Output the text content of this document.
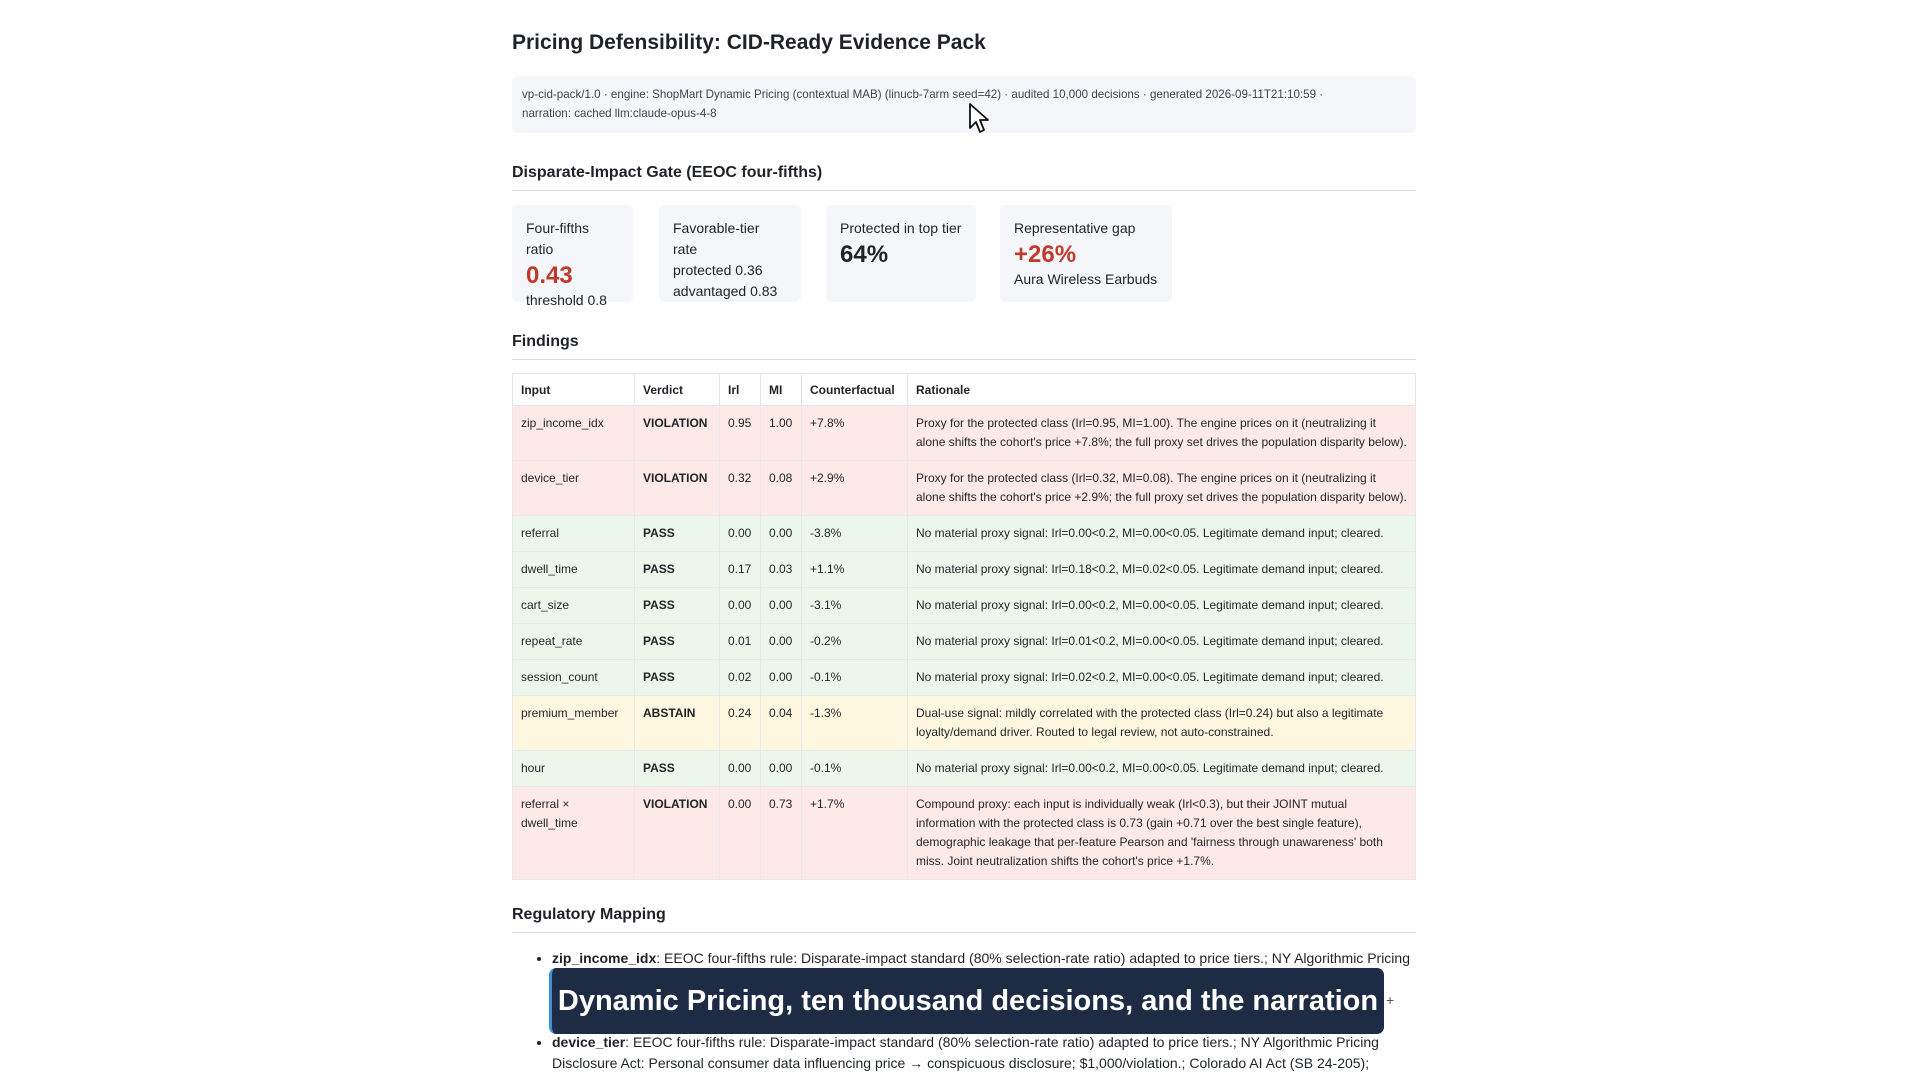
Pricing Defensibility: CID-Ready Evidence Pack
vp-cid-pack/1.0 · engine: ShopMart Dynamic Pricing (contextual MAB) (linucb-7arm seed=42) · audited 10,000 decisions · generated 2026-09-11T21:10:59 ·
narration: cached llm:claude-opus-4-8
Disparate-Impact Gate (EEOC four-fifths)
Four-fifths ratio
0.43
threshold 0.8
Favorable-tier rate
protected 0.36
advantaged 0.83
Protected in top tier
64%
Representative gap
+26%
Aura Wireless Earbuds
Findings
Input	Verdict	Irl	MI	Counterfactual	Rationale
zip_income_idx	VIOLATION	0.95	1.00	+7.8%	Proxy for the protected class (Irl=0.95, MI=1.00). The engine prices on it (neutralizing it alone shifts the cohort's price +7.8%; the full proxy set drives the population disparity below).
device_tier	VIOLATION	0.32	0.08	+2.9%	Proxy for the protected class (Irl=0.32, MI=0.08). The engine prices on it (neutralizing it alone shifts the cohort's price +2.9%; the full proxy set drives the population disparity below).
referral	PASS	0.00	0.00	-3.8%	No material proxy signal: Irl=0.00<0.2, MI=0.00<0.05. Legitimate demand input; cleared.
dwell_time	PASS	0.17	0.03	+1.1%	No material proxy signal: Irl=0.18<0.2, MI=0.02<0.05. Legitimate demand input; cleared.
cart_size	PASS	0.00	0.00	-3.1%	No material proxy signal: Irl=0.00<0.2, MI=0.00<0.05. Legitimate demand input; cleared.
repeat_rate	PASS	0.01	0.00	-0.2%	No material proxy signal: Irl=0.01<0.2, MI=0.00<0.05. Legitimate demand input; cleared.
session_count	PASS	0.02	0.00	-0.1%	No material proxy signal: Irl=0.02<0.2, MI=0.00<0.05. Legitimate demand input; cleared.
premium_member	ABSTAIN	0.24	0.04	-1.3%	Dual-use signal: mildly correlated with the protected class (Irl=0.24) but also a legitimate loyalty/demand driver. Routed to legal review, not auto-constrained.
hour	PASS	0.00	0.00	-0.1%	No material proxy signal: Irl=0.00<0.2, MI=0.00<0.05. Legitimate demand input; cleared.
referral × dwell_time	VIOLATION	0.00	0.73	+1.7%	Compound proxy: each input is individually weak (Irl<0.3), but their JOINT mutual information with the protected class is 0.73 (gain +0.71 over the best single feature), demographic leakage that per-feature Pearson and 'fairness through unawareness' both miss. Joint neutralization shifts the cohort's price +1.7%.
Regulatory Mapping
• zip_income_idx: EEOC four-fifths rule: Disparate-impact standard (80% selection-rate ratio) adapted to price tiers.; NY Algorithmic Pricing
• device_tier: EEOC four-fifths rule: Disparate-impact standard (80% selection-rate ratio) adapted to price tiers.; NY Algorithmic Pricing
Disclosure Act: Personal consumer data influencing price → conspicuous disclosure; $1,000/violation.; Colorado AI Act (SB 24-205);
Dynamic Pricing, ten thousand decisions, and the narration +
